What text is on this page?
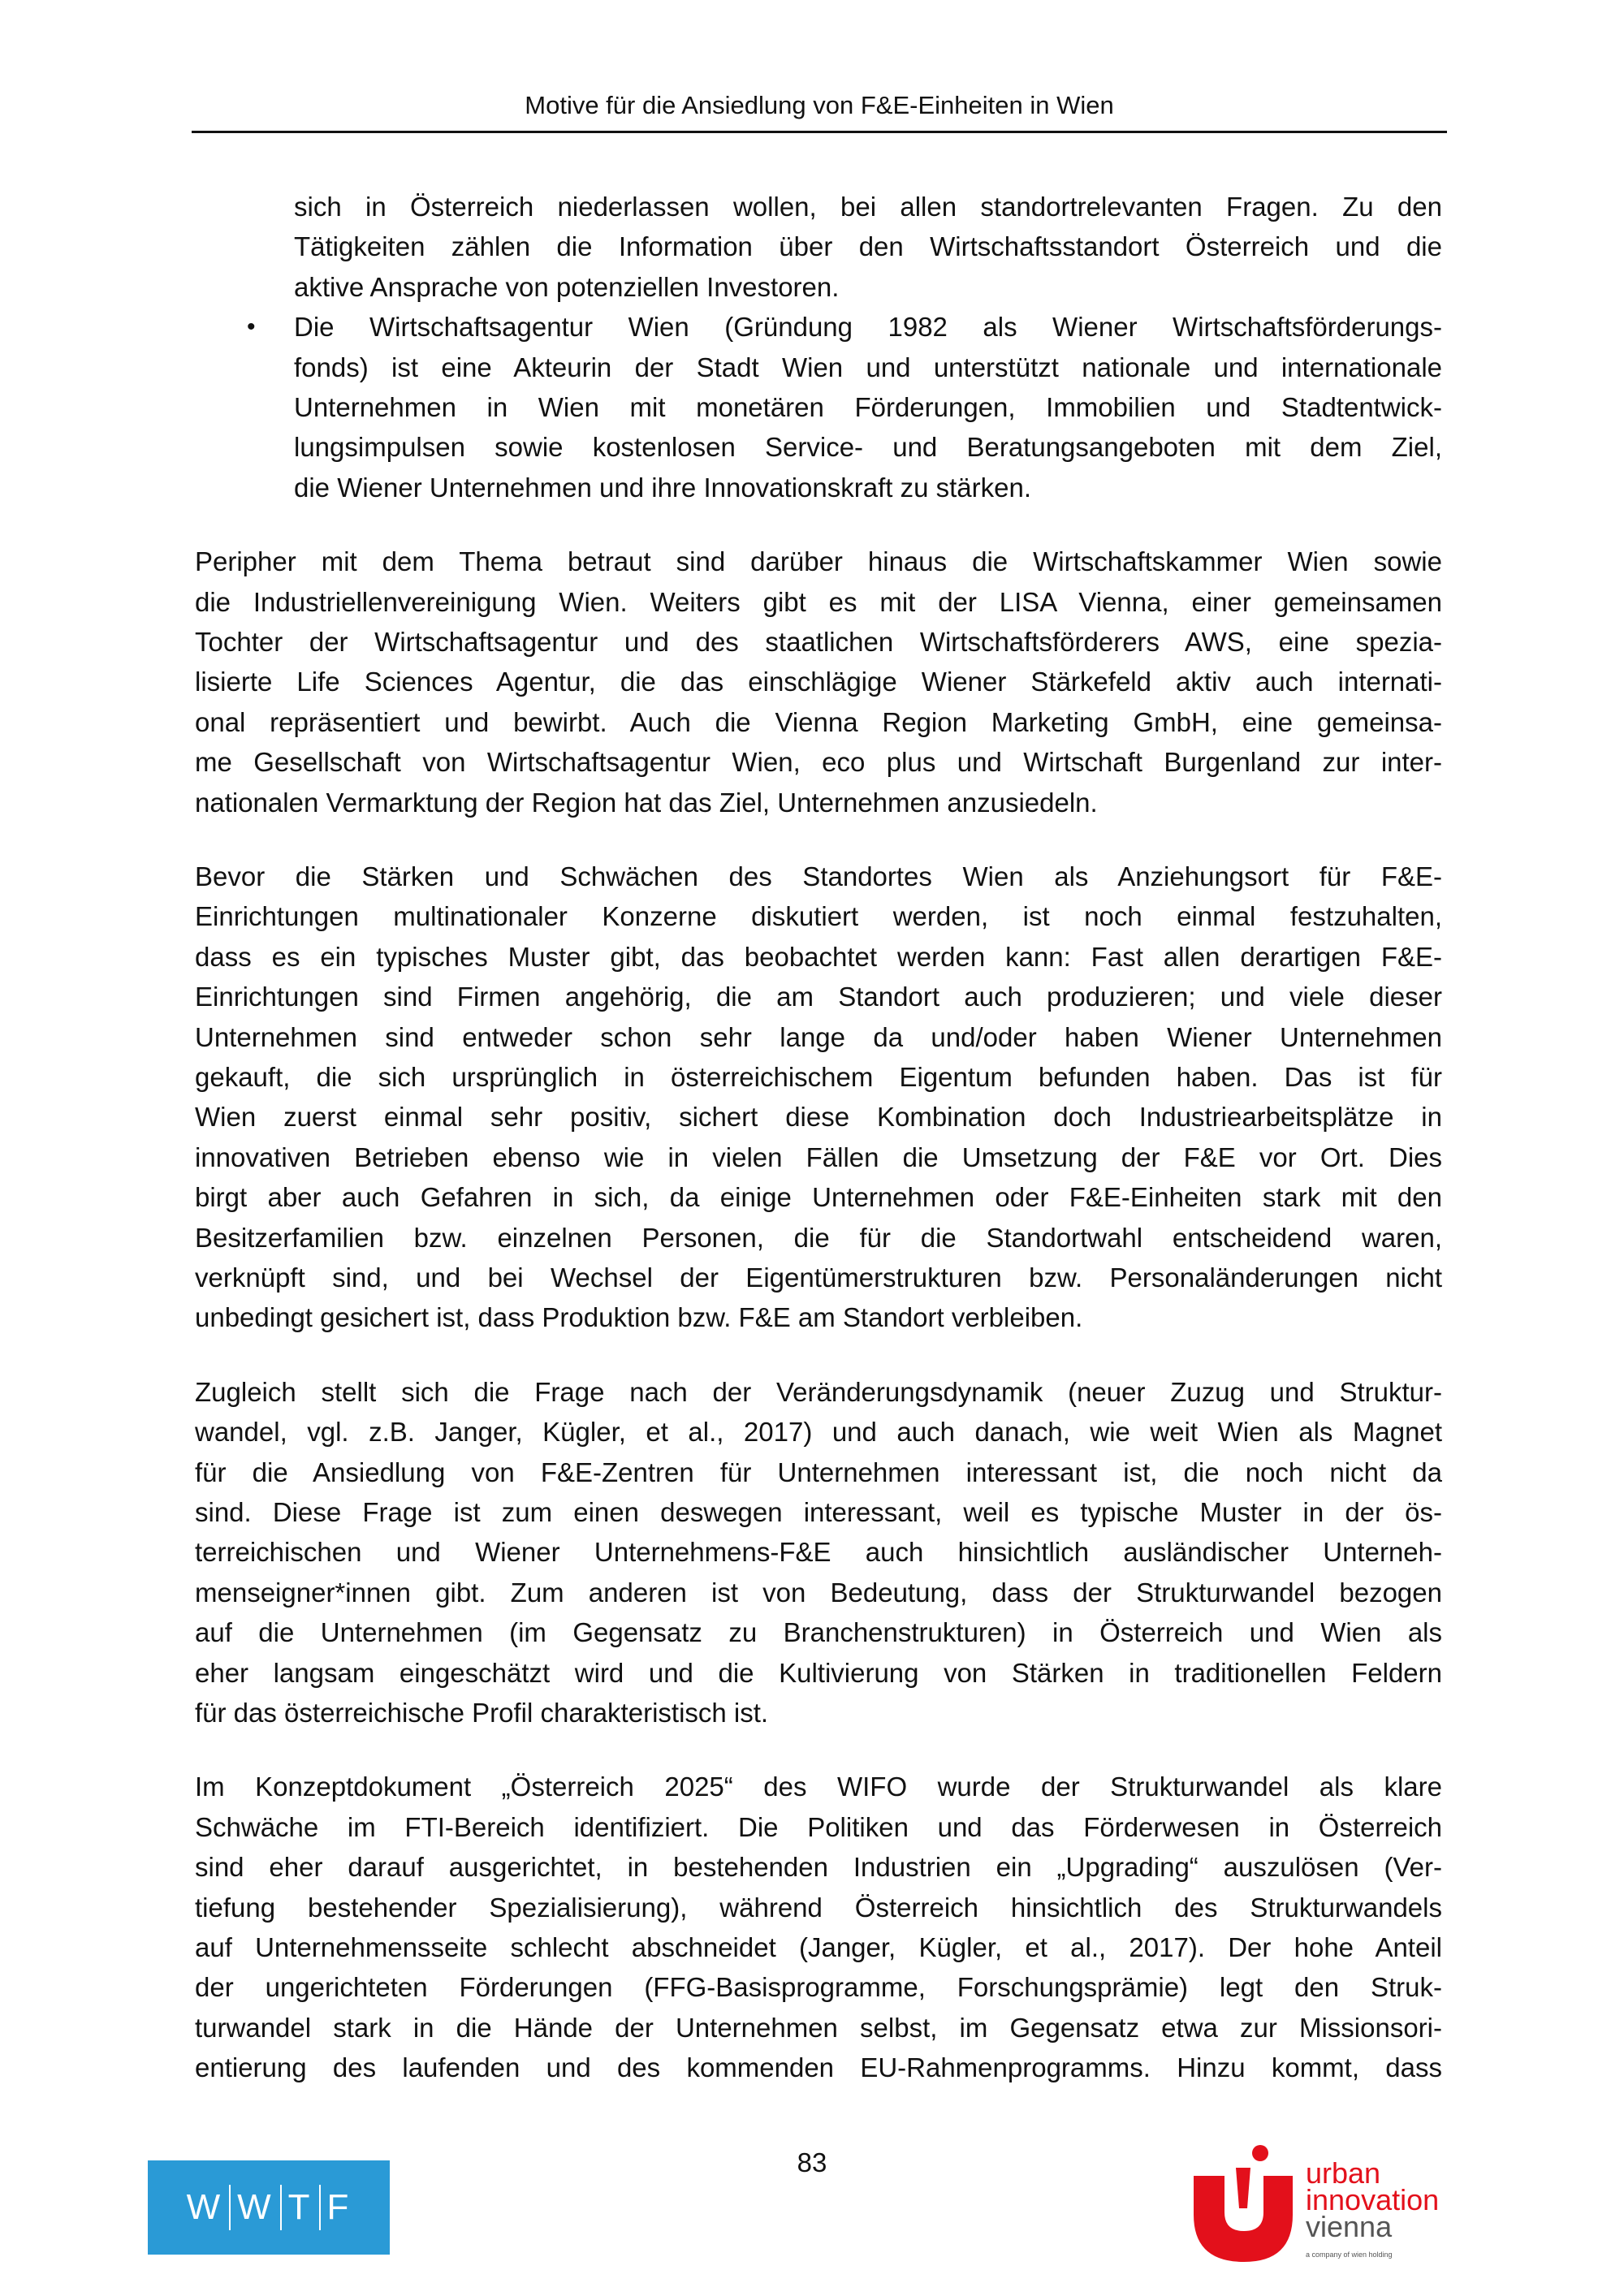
Motive für die Ansiedlung von F&E-Einheiten in Wien
sich in Österreich niederlassen wollen, bei allen standortrelevanten Fragen. Zu den
Tätigkeiten zählen die Information über den Wirtschaftsstandort Österreich und die
aktive Ansprache von potenziellen Investoren.
• Die Wirtschaftsagentur Wien (Gründung 1982 als Wiener Wirtschaftsförderungs-
fonds) ist eine Akteurin der Stadt Wien und unterstützt nationale und internationale
Unternehmen in Wien mit monetären Förderungen, Immobilien und Stadtentwick-
lungsimpulsen sowie kostenlosen Service- und Beratungsangeboten mit dem Ziel,
die Wiener Unternehmen und ihre Innovationskraft zu stärken.
Peripher mit dem Thema betraut sind darüber hinaus die Wirtschaftskammer Wien sowie
die Industriellenvereinigung Wien. Weiters gibt es mit der LISA Vienna, einer gemeinsamen
Tochter der Wirtschaftsagentur und des staatlichen Wirtschaftsförderers AWS, eine spezia-
lisierte Life Sciences Agentur, die das einschlägige Wiener Stärkefeld aktiv auch internati-
onal repräsentiert und bewirbt. Auch die Vienna Region Marketing GmbH, eine gemeinsa-
me Gesellschaft von Wirtschaftsagentur Wien, eco plus und Wirtschaft Burgenland zur inter-
nationalen Vermarktung der Region hat das Ziel, Unternehmen anzusiedeln.
Bevor die Stärken und Schwächen des Standortes Wien als Anziehungsort für F&E-
Einrichtungen multinationaler Konzerne diskutiert werden, ist noch einmal festzuhalten,
dass es ein typisches Muster gibt, das beobachtet werden kann: Fast allen derartigen F&E-
Einrichtungen sind Firmen angehörig, die am Standort auch produzieren; und viele dieser
Unternehmen sind entweder schon sehr lange da und/oder haben Wiener Unternehmen
gekauft, die sich ursprünglich in österreichischem Eigentum befunden haben. Das ist für
Wien zuerst einmal sehr positiv, sichert diese Kombination doch Industriearbeitsplätze in
innovativen Betrieben ebenso wie in vielen Fällen die Umsetzung der F&E vor Ort. Dies
birgt aber auch Gefahren in sich, da einige Unternehmen oder F&E-Einheiten stark mit den
Besitzerfamilien bzw. einzelnen Personen, die für die Standortwahl entscheidend waren,
verknüpft sind, und bei Wechsel der Eigentümerstrukturen bzw. Personaländerungen nicht
unbedingt gesichert ist, dass Produktion bzw. F&E am Standort verbleiben.
Zugleich stellt sich die Frage nach der Veränderungsdynamik (neuer Zuzug und Struktur-
wandel, vgl. z.B. Janger, Kügler, et al., 2017) und auch danach, wie weit Wien als Magnet
für die Ansiedlung von F&E-Zentren für Unternehmen interessant ist, die noch nicht da
sind. Diese Frage ist zum einen deswegen interessant, weil es typische Muster in der ös-
terreichischen und Wiener Unternehmens-F&E auch hinsichtlich ausländischer Unterneh-
menseigner*innen gibt. Zum anderen ist von Bedeutung, dass der Strukturwandel bezogen
auf die Unternehmen (im Gegensatz zu Branchenstrukturen) in Österreich und Wien als
eher langsam eingeschätzt wird und die Kultivierung von Stärken in traditionellen Feldern
für das österreichische Profil charakteristisch ist.
Im Konzeptdokument „Österreich 2025“ des WIFO wurde der Strukturwandel als klare
Schwäche im FTI-Bereich identifiziert. Die Politiken und das Förderwesen in Österreich
sind eher darauf ausgerichtet, in bestehenden Industrien ein „Upgrading“ auszulösen (Ver-
tiefung bestehender Spezialisierung), während Österreich hinsichtlich des Strukturwandels
auf Unternehmensseite schlecht abschneidet (Janger, Kügler, et al., 2017). Der hohe Anteil
der ungerichteten Förderungen (FFG-Basisprogramme, Forschungsprämie) legt den Struk-
turwandel stark in die Hände der Unternehmen selbst, im Gegensatz etwa zur Missionsori-
entierung des laufenden und des kommenden EU-Rahmenprogramms. Hinzu kommt, dass
83
W W T F
urban
innovation
vienna
a company of wien holding
